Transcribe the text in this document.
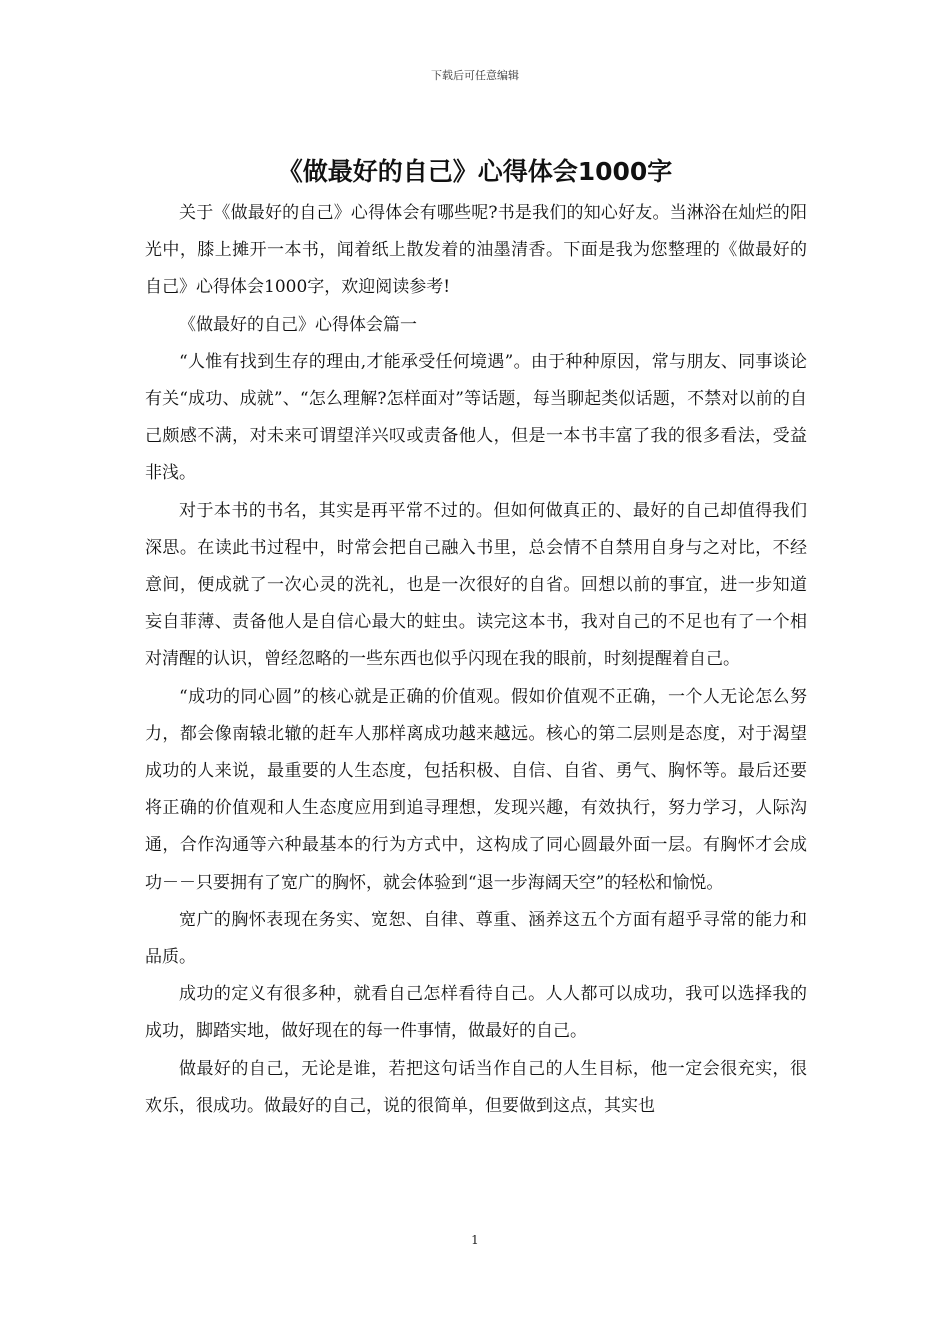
下载后可任意编辑
《做最好的自己》心得体会1000字

关于《做最好的自己》心得体会有哪些呢?书是我们的知心好友。当淋浴在灿烂的阳光中，膝上摊开一本书，闻着纸上散发着的油墨清香。下面是我为您整理的《做最好的自己》心得体会1000字，欢迎阅读参考!

《做最好的自己》心得体会篇一

“人惟有找到生存的理由,才能承受任何境遇”。由于种种原因，常与朋友、同事谈论有关“成功、成就”、“怎么理解?怎样面对”等话题，每当聊起类似话题，不禁对以前的自己颇感不满，对未来可谓望洋兴叹或责备他人，但是一本书丰富了我的很多看法，受益非浅。

对于本书的书名，其实是再平常不过的。但如何做真正的、最好的自己却值得我们深思。在读此书过程中，时常会把自己融入书里，总会情不自禁用自身与之对比，不经意间，便成就了一次心灵的洗礼，也是一次很好的自省。回想以前的事宜，进一步知道妄自菲薄、责备他人是自信心最大的蛀虫。读完这本书，我对自己的不足也有了一个相对清醒的认识，曾经忽略的一些东西也似乎闪现在我的眼前，时刻提醒着自己。

“成功的同心圆”的核心就是正确的价值观。假如价值观不正确，一个人无论怎么努力，都会像南辕北辙的赶车人那样离成功越来越远。核心的第二层则是态度，对于渴望成功的人来说，最重要的人生态度，包括积极、自信、自省、勇气、胸怀等。最后还要将正确的价值观和人生态度应用到追寻理想，发现兴趣，有效执行，努力学习，人际沟通，合作沟通等六种最基本的行为方式中，这构成了同心圆最外面一层。有胸怀才会成功－－只要拥有了宽广的胸怀，就会体验到“退一步海阔天空”的轻松和愉悦。

宽广的胸怀表现在务实、宽恕、自律、尊重、涵养这五个方面有超乎寻常的能力和品质。

成功的定义有很多种，就看自己怎样看待自己。人人都可以成功，我可以选择我的成功，脚踏实地，做好现在的每一件事情，做最好的自己。

做最好的自己，无论是谁，若把这句话当作自己的人生目标，他一定会很充实，很欢乐，很成功。做最好的自己，说的很简单，但要做到这点，其实也

1
